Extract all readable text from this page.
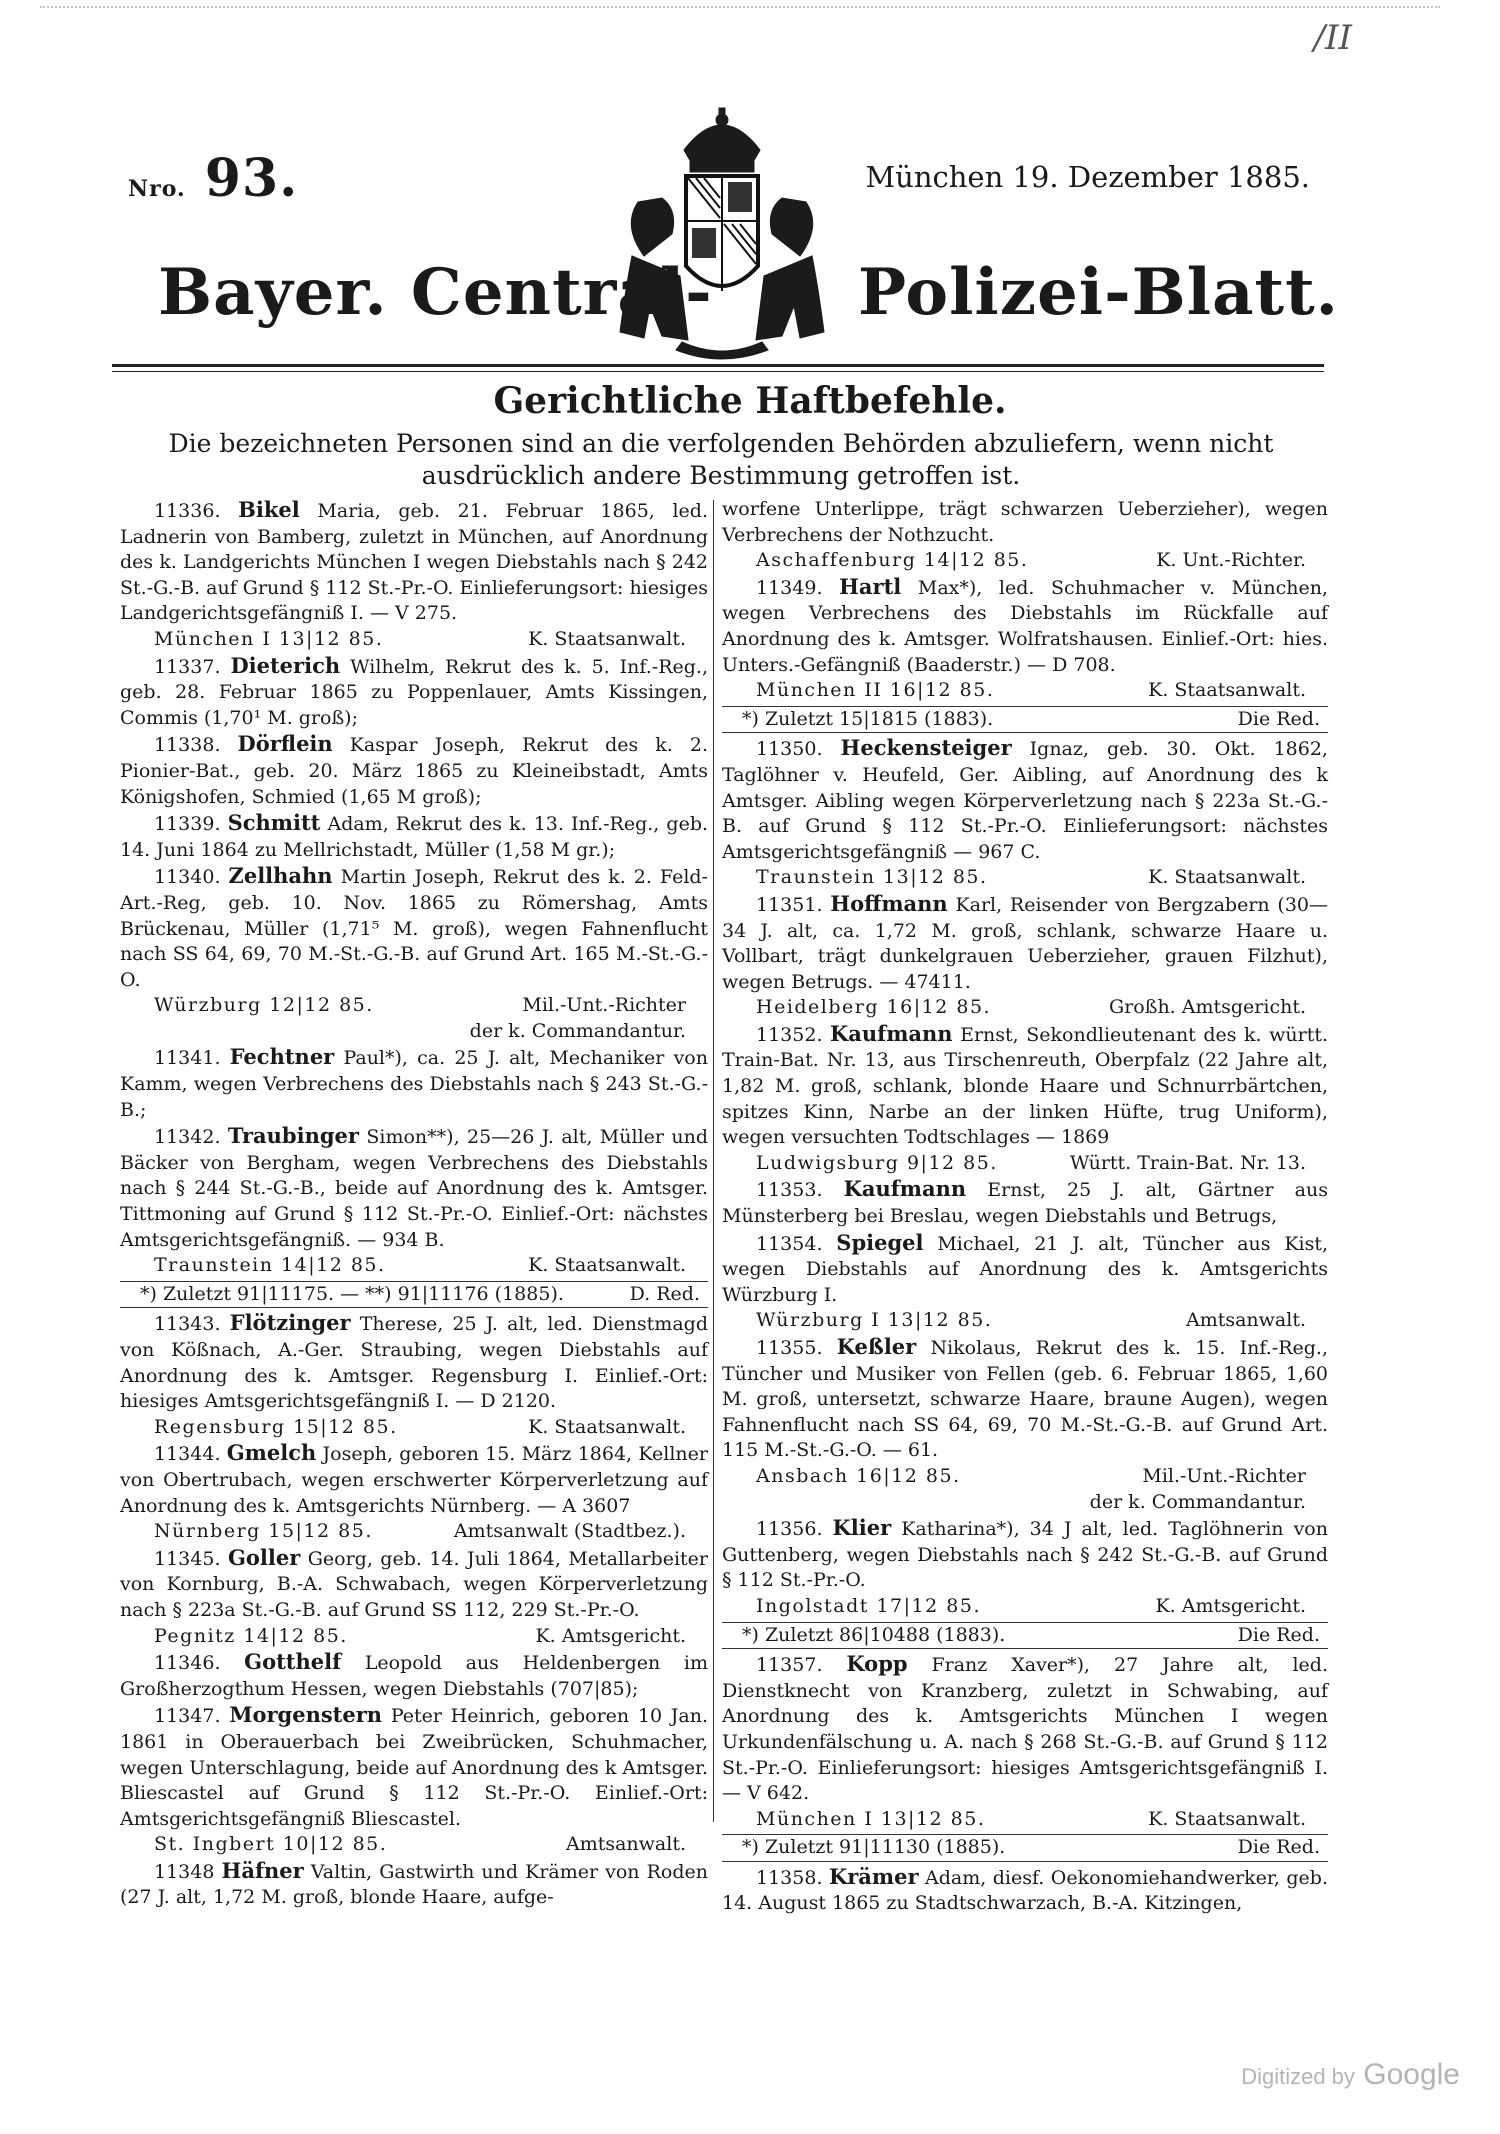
/II
Nro. 93.	München 19. Dezember 1885.
Bayer. Central- Polizei-Blatt.
Gerichtliche Haftbefehle.
Die bezeichneten Personen sind an die verfolgenden Behörden abzuliefern, wenn nicht ausdrücklich andere Bestimmung getroffen ist.
11336. Bikel Maria, geb. 21. Februar 1865, led. Ladnerin von Bamberg, zuletzt in München, auf Anordnung des k. Landgerichts München I wegen Diebstahls nach § 242 St.-G.-B. auf Grund § 112 St.-Pr.-O. Einlieferungsort: hiesiges Landgerichtsgefängniß I. — V 275.
München I 13|12 85.	K. Staatsanwalt.
11337. Dieterich Wilhelm, Rekrut des k. 5. Inf.-Reg., geb. 28. Februar 1865 zu Poppenlauer, Amts Kissingen, Commis (1,70¹ M. groß);
11338. Dörflein Kaspar Joseph, Rekrut des k. 2. Pionier-Bat., geb. 20. März 1865 zu Kleineibstadt, Amts Königshofen, Schmied (1,65 M groß);
11339. Schmitt Adam, Rekrut des k. 13. Inf.-Reg., geb. 14. Juni 1864 zu Mellrichstadt, Müller (1,58 M gr.);
11340. Zellhahn Martin Joseph, Rekrut des k. 2. Feld-Art.-Reg, geb. 10. Nov. 1865 zu Römershag, Amts Brückenau, Müller (1,71⁵ M. groß), wegen Fahnenflucht nach SS 64, 69, 70 M.-St.-G.-B. auf Grund Art. 165 M.-St.-G.-O.
Würzburg 12|12 85.	Mil.-Unt.-Richter
der k. Commandantur.
11341. Fechtner Paul*), ca. 25 J. alt, Mechaniker von Kamm, wegen Verbrechens des Diebstahls nach § 243 St.-G.-B.;
11342. Traubinger Simon**), 25—26 J. alt, Müller und Bäcker von Bergham, wegen Verbrechens des Diebstahls nach § 244 St.-G.-B., beide auf Anordnung des k. Amtsger. Tittmoning auf Grund § 112 St.-Pr.-O. Einlief.-Ort: nächstes Amtsgerichtsgefängniß. — 934 B.
Traunstein 14|12 85.	K. Staatsanwalt.
*) Zuletzt 91|11175. — **) 91|11176 (1885).	D. Red.
11343. Flötzinger Therese, 25 J. alt, led. Dienstmagd von Kößnach, A.-Ger. Straubing, wegen Diebstahls auf Anordnung des k. Amtsger. Regensburg I. Einlief.-Ort: hiesiges Amtsgerichtsgefängniß I. — D 2120.
Regensburg 15|12 85.	K. Staatsanwalt.
11344. Gmelch Joseph, geboren 15. März 1864, Kellner von Obertrubach, wegen erschwerter Körperverletzung auf Anordnung des k. Amtsgerichts Nürnberg. — A 3607
Nürnberg 15|12 85.	Amtsanwalt (Stadtbez.).
11345. Goller Georg, geb. 14. Juli 1864, Metallarbeiter von Kornburg, B.-A. Schwabach, wegen Körperverletzung nach § 223a St.-G.-B. auf Grund SS 112, 229 St.-Pr.-O.
Pegnitz 14|12 85.	K. Amtsgericht.
11346. Gotthelf Leopold aus Heldenbergen im Großherzogthum Hessen, wegen Diebstahls (707|85);
11347. Morgenstern Peter Heinrich, geboren 10 Jan. 1861 in Oberauerbach bei Zweibrücken, Schuhmacher, wegen Unterschlagung, beide auf Anordnung des k Amtsger. Bliescastel auf Grund § 112 St.-Pr.-O. Einlief.-Ort: Amtsgerichtsgefängniß Bliescastel.
St. Ingbert 10|12 85.	Amtsanwalt.
11348 Häfner Valtin, Gastwirth und Krämer von Roden (27 J. alt, 1,72 M. groß, blonde Haare, aufge-
worfene Unterlippe, trägt schwarzen Ueberzieher), wegen Verbrechens der Nothzucht.
Aschaffenburg 14|12 85.	K. Unt.-Richter.
11349. Hartl Max*), led. Schuhmacher v. München, wegen Verbrechens des Diebstahls im Rückfalle auf Anordnung des k. Amtsger. Wolfratshausen. Einlief.-Ort: hies. Unters.-Gefängniß (Baaderstr.) — D 708.
München II 16|12 85.	K. Staatsanwalt.
*) Zuletzt 15|1815 (1883).	Die Red.
11350. Heckensteiger Ignaz, geb. 30. Okt. 1862, Taglöhner v. Heufeld, Ger. Aibling, auf Anordnung des k Amtsger. Aibling wegen Körperverletzung nach § 223a St.-G.-B. auf Grund § 112 St.-Pr.-O. Einlieferungsort: nächstes Amtsgerichtsgefängniß — 967 C.
Traunstein 13|12 85.	K. Staatsanwalt.
11351. Hoffmann Karl, Reisender von Bergzabern (30—34 J. alt, ca. 1,72 M. groß, schlank, schwarze Haare u. Vollbart, trägt dunkelgrauen Ueberzieher, grauen Filzhut), wegen Betrugs. — 47411.
Heidelberg 16|12 85.	Großh. Amtsgericht.
11352. Kaufmann Ernst, Sekondlieutenant des k. württ. Train-Bat. Nr. 13, aus Tirschenreuth, Oberpfalz (22 Jahre alt, 1,82 M. groß, schlank, blonde Haare und Schnurrbärtchen, spitzes Kinn, Narbe an der linken Hüfte, trug Uniform), wegen versuchten Todtschlages — 1869
Ludwigsburg 9|12 85.	Württ. Train-Bat. Nr. 13.
11353. Kaufmann Ernst, 25 J. alt, Gärtner aus Münsterberg bei Breslau, wegen Diebstahls und Betrugs,
11354. Spiegel Michael, 21 J. alt, Tüncher aus Kist, wegen Diebstahls auf Anordnung des k. Amtsgerichts Würzburg I.
Würzburg I 13|12 85.	Amtsanwalt.
11355. Keßler Nikolaus, Rekrut des k. 15. Inf.-Reg., Tüncher und Musiker von Fellen (geb. 6. Februar 1865, 1,60 M. groß, untersetzt, schwarze Haare, braune Augen), wegen Fahnenflucht nach SS 64, 69, 70 M.-St.-G.-B. auf Grund Art. 115 M.-St.-G.-O. — 61.
Ansbach 16|12 85.	Mil.-Unt.-Richter
der k. Commandantur.
11356. Klier Katharina*), 34 J alt, led. Taglöhnerin von Guttenberg, wegen Diebstahls nach § 242 St.-G.-B. auf Grund § 112 St.-Pr.-O.
Ingolstadt 17|12 85.	K. Amtsgericht.
*) Zuletzt 86|10488 (1883).	Die Red.
11357. Kopp Franz Xaver*), 27 Jahre alt, led. Dienstknecht von Kranzberg, zuletzt in Schwabing, auf Anordnung des k. Amtsgerichts München I wegen Urkundenfälschung u. A. nach § 268 St.-G.-B. auf Grund § 112 St.-Pr.-O. Einlieferungsort: hiesiges Amtsgerichtsgefängniß I. — V 642.
München I 13|12 85.	K. Staatsanwalt.
*) Zuletzt 91|11130 (1885).	Die Red.
11358. Krämer Adam, diesf. Oekonomiehandwerker, geb. 14. August 1865 zu Stadtschwarzach, B.-A. Kitzingen,
Digitized by Google
